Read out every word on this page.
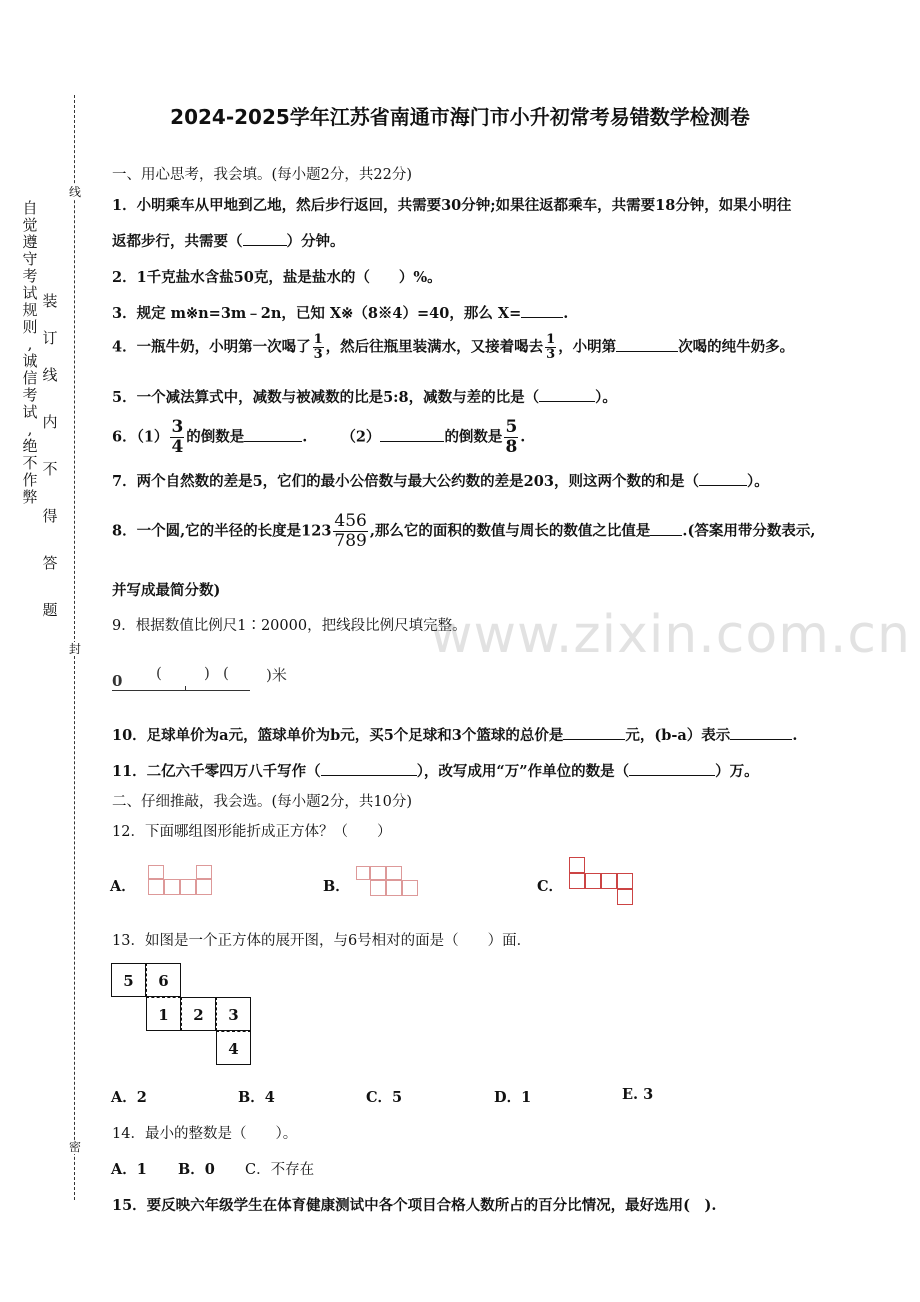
线
封
密
自
觉
遵
守
考
试
规
则
,
诚
信
考
试
,
绝
不
作
弊
装
订
线
内
不
得
答
题	www.zixin.com.cn
2024-2025学年江苏省南通市海门市小升初常考易错数学检测卷
一、用心思考，我会填。(每小题2分，共22分)
1．小明乘车从甲地到乙地，然后步行返回，共需要30分钟;如果往返都乘车，共需要18分钟，如果小明往
返都步行，共需要（	）分钟。
2．1千克盐水含盐50克，盐是盐水的（　　）%。
3．规定 m※n=3m﹣2n，已知 X※（8※4）=40，那么 X=	.
4．一瓶牛奶，小明第一次喝了 $\frac{1}{3}$ ，然后往瓶里装满水，又接着喝去 $\frac{1}{3}$ ，小明第	次喝的纯牛奶多。
5．一个减法算式中，减数与被减数的比是5:8，减数与差的比是（	）。
6．$(1) \frac{3}{4}$ 的倒数是	. （2）	的倒数是 $\frac{5}{8}$ .
7．两个自然数的差是5，它们的最小公倍数与最大公约数的差是203，则这两个数的和是（	）。
8．一个圆,它的半径的长度是$123 \frac{456}{789}$ ,那么它的面积的数值与周长的数值之比值是 .(答案用带分数表示,
并写成最简分数)
9．根据数值比例尺1∶20000，把线段比例尺填完整。
0 (	) ( )米
10．足球单价为a元，篮球单价为b元，买5个足球和3个篮球的总价是	元，(b-a）表示	.
11．二亿六千零四万八千写作（	），改写成用“万”作单位的数是（	）万。
二、仔细推敲，我会选。(每小题2分，共10分)
12．下面哪组图形能折成正方体？（　　）
A．	B．	C．
13．如图是一个正方体的展开图，与6号相对的面是（　　）面．
5	6
1	2	3
4
A．2	B．4	C．5	D．1	E. 3
14．最小的整数是（　　）。
A．1 B．0 C．不存在
15．要反映六年级学生在体育健康测试中各个项目合格人数所占的百分比情况，最好选用(　).
